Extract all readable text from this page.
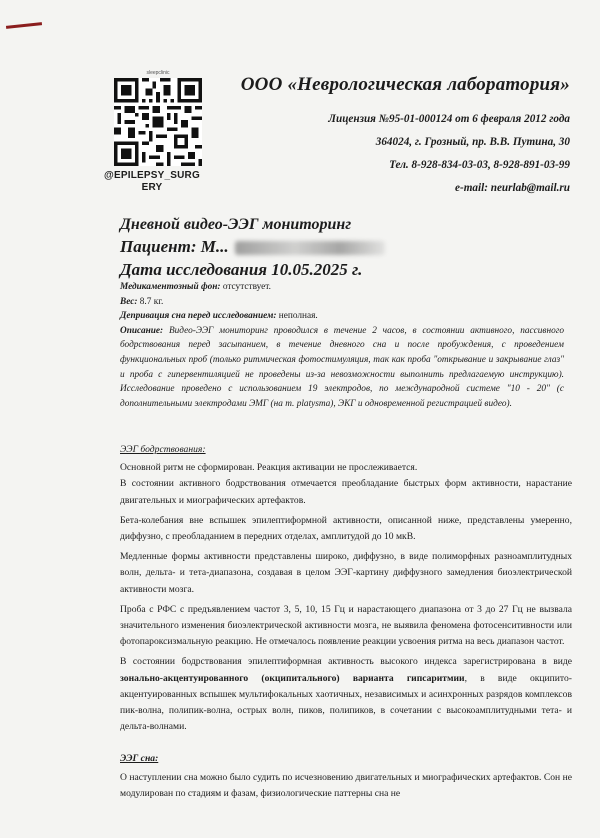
sleepclinic
@EPILEPSY_SURGERY
ООО «Неврологическая лаборатория»
Лицензия №95-01-000124 от 6 февраля 2012 года
364024, г. Грозный, пр. В.В. Путина, 30
Тел. 8-928-834-03-03, 8-928-891-03-99
e-mail: neurlab@mail.ru
Дневной видео-ЭЭГ мониторинг
Пациент: М...
Дата исследования 10.05.2025 г.

Медикаментозный фон: отсутствует.

Вес: 8.7 кг.

Депривация сна перед исследованием: неполная.

Описание: Видео-ЭЭГ мониторинг проводился в течение 2 часов, в состоянии активного, пассивного бодрствования перед засыпанием, в течение дневного сна и после пробуждения, с проведением функциональных проб (только ритмическая фотостимуляция, так как проба "открывание и закрывание глаз" и проба с гипервентиляцией не проведены из-за невозможности выполнить предлагаемую инструкцию). Исследование проведено с использованием 19 электродов, по международной системе "10 - 20" (с дополнительными электродами ЭМГ (на т. platysma), ЭКГ и одновременной регистрацией видео).

ЭЭГ бодрствования:

Основной ритм не сформирован. Реакция активации не прослеживается.

В состоянии активного бодрствования отмечается преобладание быстрых форм активности, нарастание двигательных и миографических артефактов.

Бета-колебания вне вспышек эпилептиформной активности, описанной ниже, представлены умеренно, диффузно, с преобладанием в передних отделах, амплитудой до 10 мкВ.

Медленные формы активности представлены широко, диффузно, в виде полиморфных разноамплитудных волн, дельта- и тета-диапазона, создавая в целом ЭЭГ-картину диффузного замедления биоэлектрической активности мозга.

Проба с РФС с предъявлением частот 3, 5, 10, 15 Гц и нарастающего диапазона от 3 до 27 Гц не вызвала значительного изменения биоэлектрической активности мозга, не выявила феномена фотосенситивности или фотопароксизмальную реакцию. Не отмечалось появление реакции усвоения ритма на весь диапазон частот.

В состоянии бодрствования эпилептиформная активность высокого индекса зарегистрирована в виде зонально-акцентуированного (окципитального) варианта гипсаритмии, в виде окципито-акцентуированных вспышек мультифокальных хаотичных, независимых и асинхронных разрядов комплексов пик-волна, полипик-волна, острых волн, пиков, полипиков, в сочетании с высокоамплитудными тета- и дельта-волнами.

ЭЭГ сна:

О наступлении сна можно было судить по исчезновению двигательных и миографических артефактов. Сон не модулирован по стадиям и фазам, физиологические паттерны сна не
